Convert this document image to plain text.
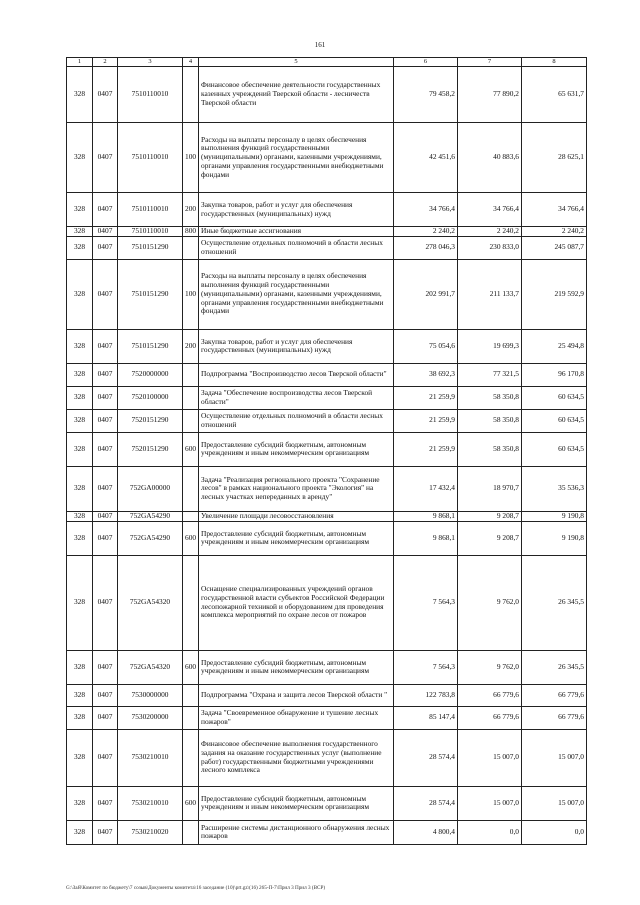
161
1	2	3	4	5	6	7	8
328	0407	7510110010		Финансовое обеспечение деятельности государственных казенных учреждений Тверской области - лесничеств Тверской области	79 458,2	77 890,2	65 631,7
328	0407	7510110010	100	Расходы на выплаты персоналу в целях обеспечения выполнения функций государственными (муниципальными) органами, казенными учреждениями, органами управления государственными внебюджетными фондами	42 451,6	40 883,6	28 625,1
328	0407	7510110010	200	Закупка товаров, работ и услуг для обеспечения государственных (муниципальных) нужд	34 766,4	34 766,4	34 766,4
328	0407	7510110010	800	Иные бюджетные ассигнования	2 240,2	2 240,2	2 240,2
328	0407	7510151290		Осуществление отдельных полномочий в области лесных отношений	278 046,3	230 833,0	245 087,7
328	0407	7510151290	100	Расходы на выплаты персоналу в целях обеспечения выполнения функций государственными (муниципальными) органами, казенными учреждениями, органами управления государственными внебюджетными фондами	202 991,7	211 133,7	219 592,9
328	0407	7510151290	200	Закупка товаров, работ и услуг для обеспечения государственных (муниципальных) нужд	75 054,6	19 699,3	25 494,8
328	0407	7520000000		Подпрограмма "Воспроизводство лесов Тверской области"	38 692,3	77 321,5	96 170,8
328	0407	7520100000		Задача "Обеспечение воспроизводства лесов Тверской области"	21 259,9	58 350,8	60 634,5
328	0407	7520151290		Осуществление отдельных полномочий в области лесных отношений	21 259,9	58 350,8	60 634,5
328	0407	7520151290	600	Предоставление субсидий бюджетным, автономным учреждениям и иным некоммерческим организациям	21 259,9	58 350,8	60 634,5
328	0407	752GA00000		Задача "Реализация регионального проекта "Сохранение лесов" в рамках национального проекта "Экология" на лесных участках непереданных в аренду"	17 432,4	18 970,7	35 536,3
328	0407	752GA54290		Увеличение площади лесовосстановления	9 868,1	9 208,7	9 190,8
328	0407	752GA54290	600	Предоставление субсидий бюджетным, автономным учреждениям и иным некоммерческим организациям	9 868,1	9 208,7	9 190,8
328	0407	752GA54320		Оснащение специализированных учреждений органов государственной власти субъектов Российской Федерации лесопожарной техникой и оборудованием для проведения комплекса мероприятий по охране лесов от пожаров	7 564,3	9 762,0	26 345,5
328	0407	752GA54320	600	Предоставление субсидий бюджетным, автономным учреждениям и иным некоммерческим организациям	7 564,3	9 762,0	26 345,5
328	0407	7530000000		Подпрограмма "Охрана и защита лесов Тверской области "	122 783,8	66 779,6	66 779,6
328	0407	7530200000		Задача "Своевременное обнаружение и тушение лесных пожаров"	85 147,4	66 779,6	66 779,6
328	0407	7530210010		Финансовое обеспечение выполнения государственного задания на оказание государственных услуг (выполнение работ) государственными бюджетными учреждениями лесного комплекса	28 574,4	15 007,0	15 007,0
328	0407	7530210010	600	Предоставление субсидий бюджетным, автономным учреждениям и иным некоммерческим организациям	28 574,4	15 007,0	15 007,0
328	0407	7530210020		Расширение системы дистанционного обнаружения лесных пожаров	4 800,4	0,0	0,0
G:\ЗаЯ\Комитет по бюджету\7 созыв\Документы комитета\16 заседание (10)\prt.gz\(16) 265-П-7\Прил 3 Прил 3 (ВСР)
